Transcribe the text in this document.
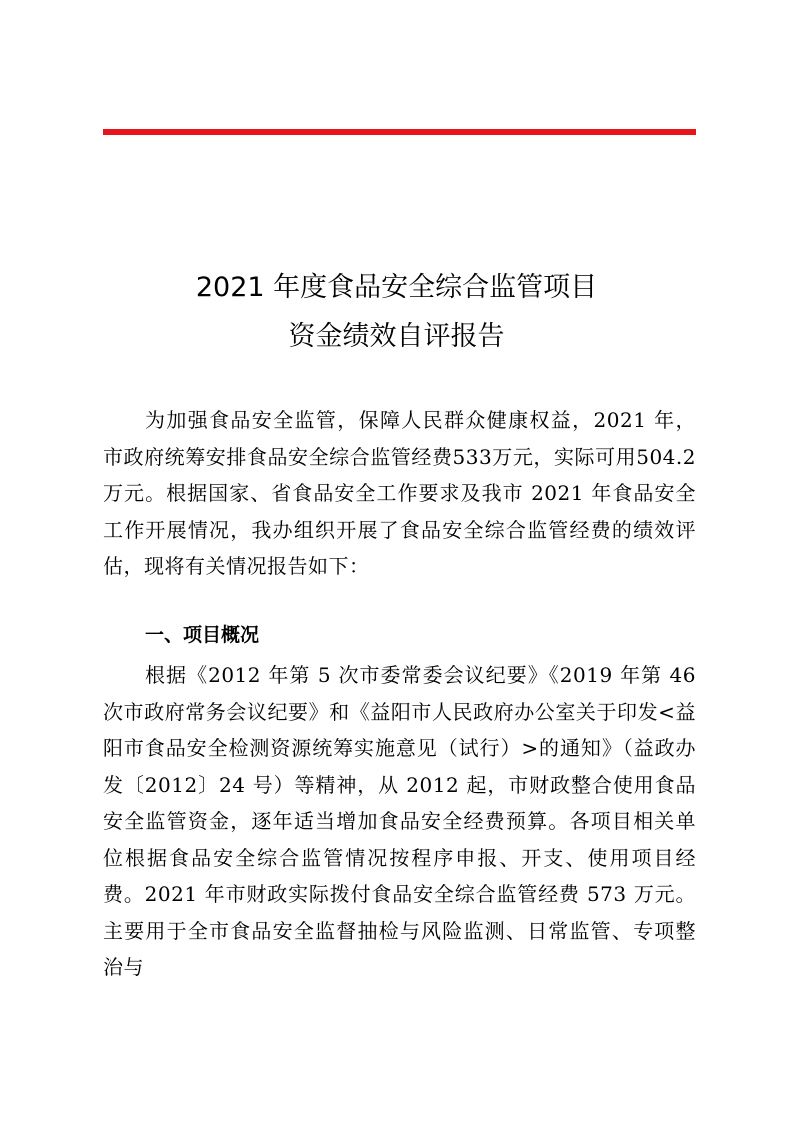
2021 年度食品安全综合监管项目
资金绩效自评报告

为加强食品安全监管，保障人民群众健康权益，2021 年，市政府统筹安排食品安全综合监管经费533万元，实际可用504.2万元。根据国家、省食品安全工作要求及我市 2021 年食品安全工作开展情况，我办组织开展了食品安全综合监管经费的绩效评估，现将有关情况报告如下：

一、项目概况

根据《2012 年第 5 次市委常委会议纪要》《2019 年第 46 次市政府常务会议纪要》和《益阳市人民政府办公室关于印发<益阳市食品安全检测资源统筹实施意见（试行）>的通知》（益政办发〔2012〕24 号）等精神，从 2012 起，市财政整合使用食品安全监管资金，逐年适当增加食品安全经费预算。各项目相关单位根据食品安全综合监管情况按程序申报、开支、使用项目经费。2021 年市财政实际拨付食品安全综合监管经费 573 万元。主要用于全市食品安全监督抽检与风险监测、日常监管、专项整治与
